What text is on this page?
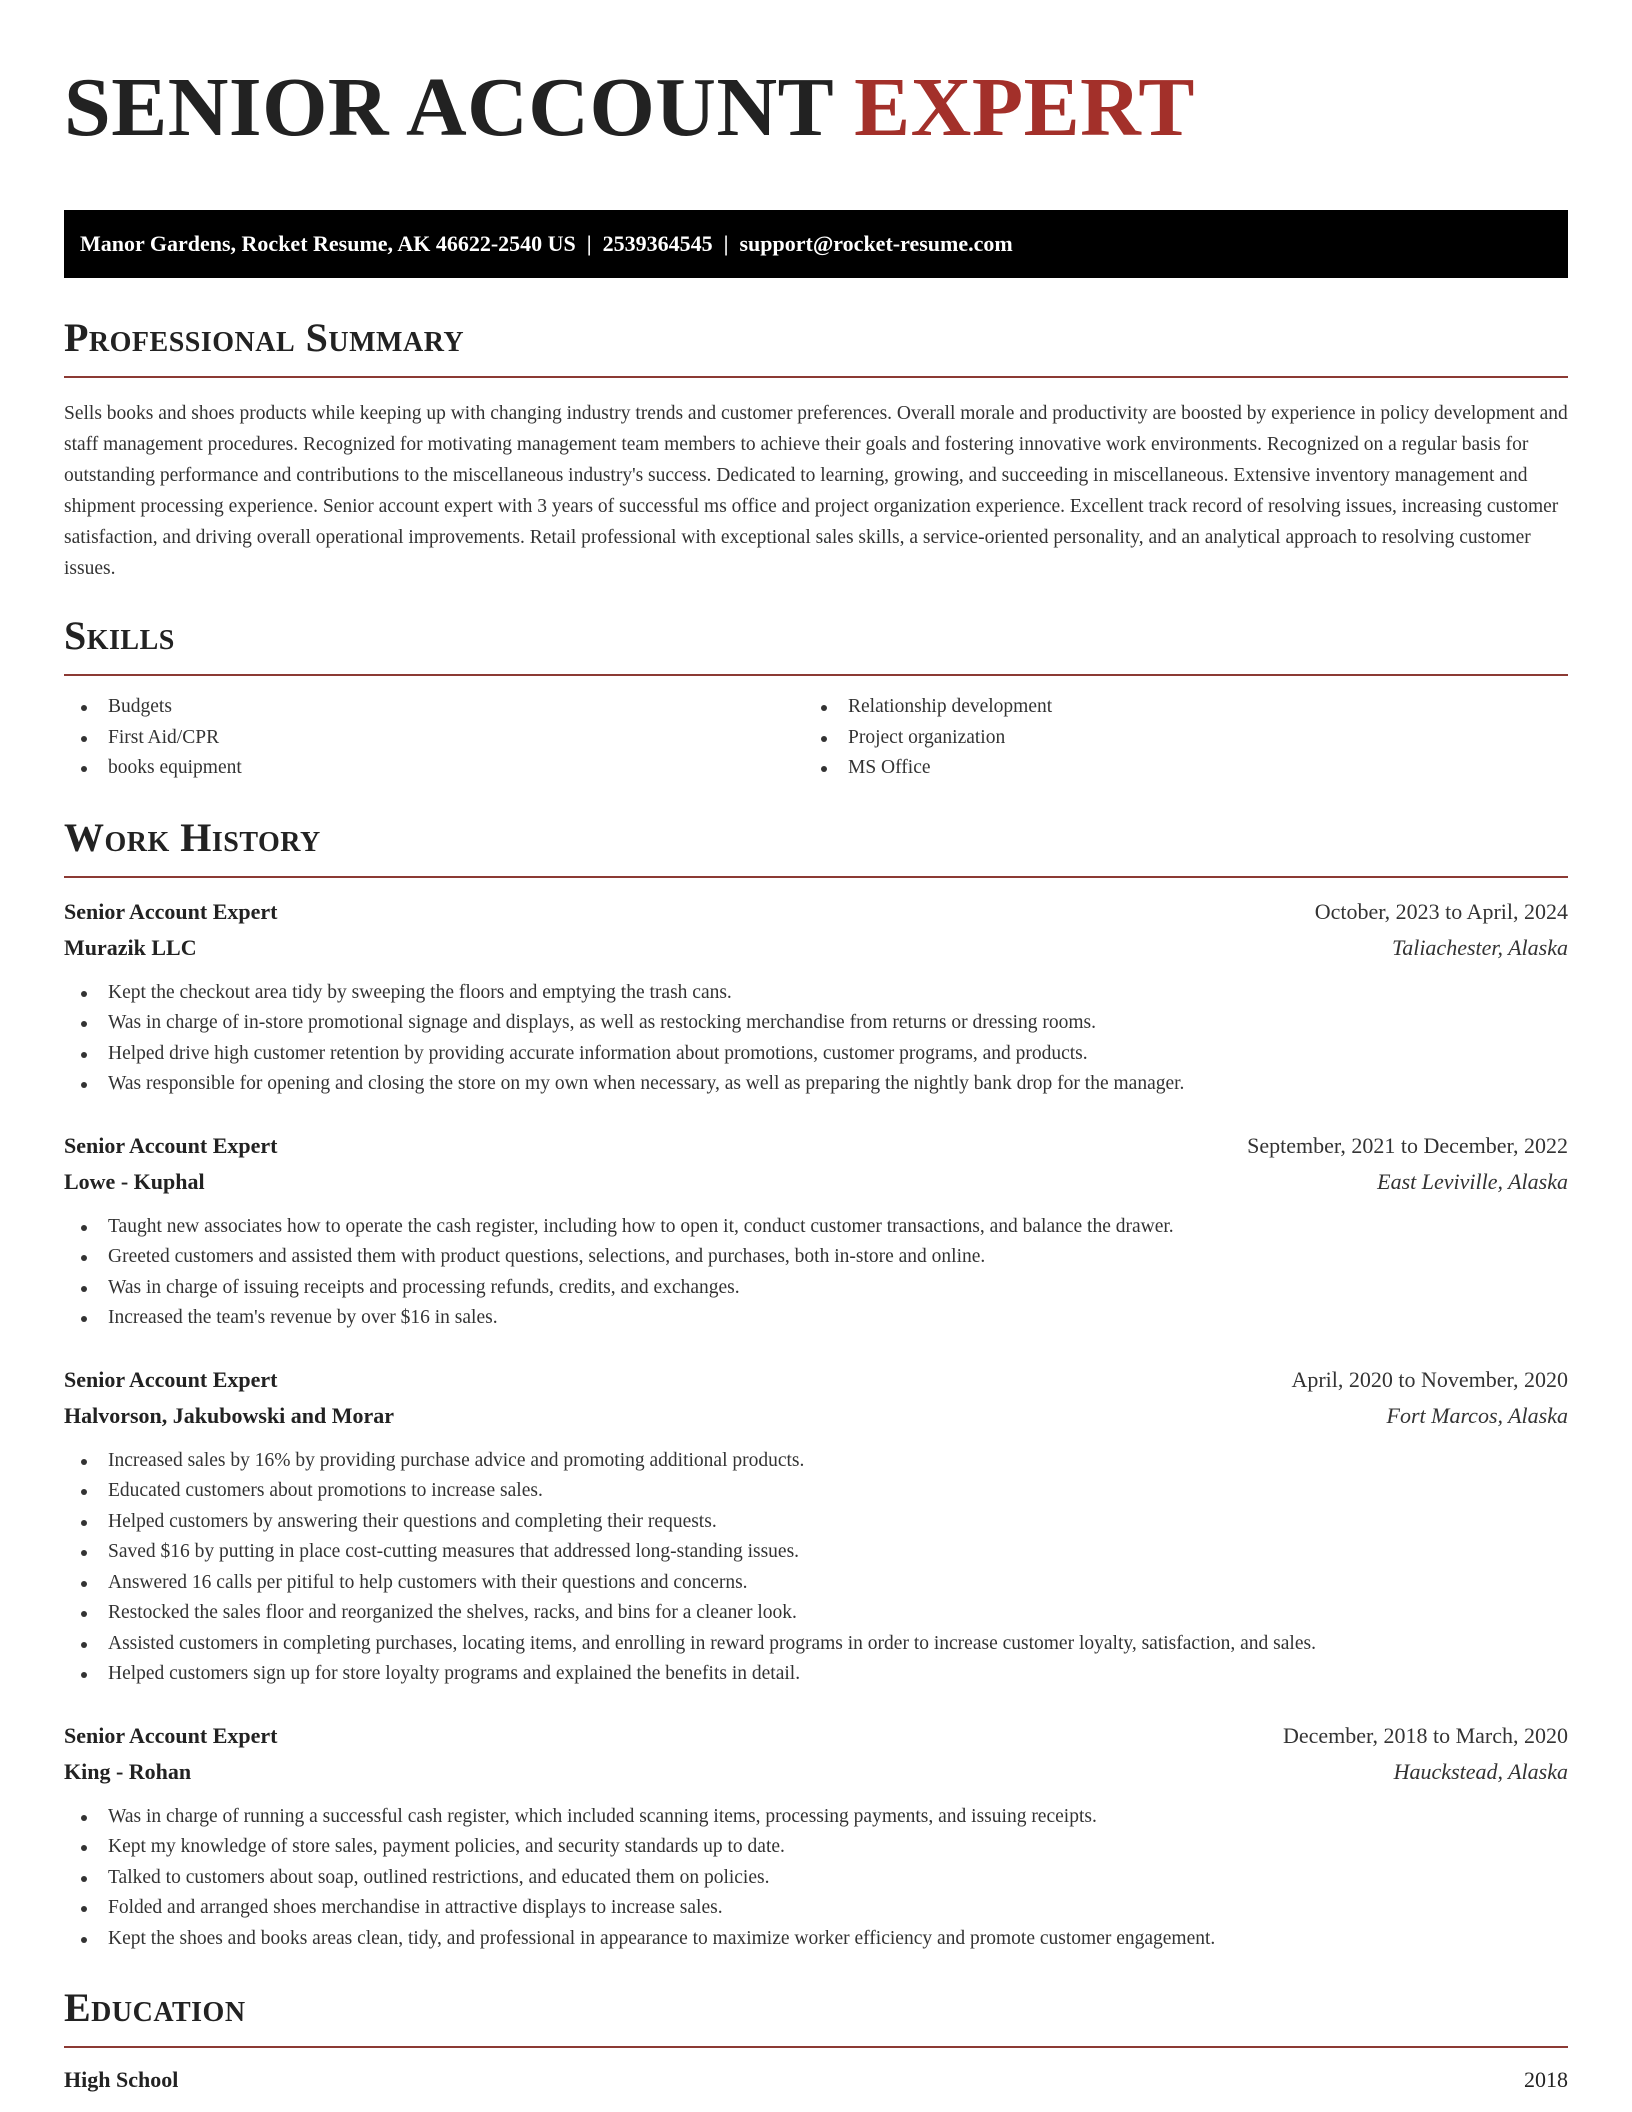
SENIOR ACCOUNT EXPERT
Manor Gardens, Rocket Resume, AK 46622-2540 US  |  2539364545  |  support@rocket-resume.com
Professional Summary

Sells books and shoes products while keeping up with changing industry trends and customer preferences. Overall morale and productivity are boosted by experience in policy development and staff management procedures. Recognized for motivating management team members to achieve their goals and fostering innovative work environments. Recognized on a regular basis for outstanding performance and contributions to the miscellaneous industry's success. Dedicated to learning, growing, and succeeding in miscellaneous. Extensive inventory management and shipment processing experience. Senior account expert with 3 years of successful ms office and project organization experience. Excellent track record of resolving issues, increasing customer satisfaction, and driving overall operational improvements. Retail professional with exceptional sales skills, a service-oriented personality, and an analytical approach to resolving customer issues.

Skills
Budgets
First Aid/CPR
books equipment
Relationship development
Project organization
MS Office
Work History
Senior Account Expert	October, 2023 to April, 2024
Murazik LLC	Taliachester, Alaska
Kept the checkout area tidy by sweeping the floors and emptying the trash cans.
Was in charge of in-store promotional signage and displays, as well as restocking merchandise from returns or dressing rooms.
Helped drive high customer retention by providing accurate information about promotions, customer programs, and products.
Was responsible for opening and closing the store on my own when necessary, as well as preparing the nightly bank drop for the manager.
Senior Account Expert	September, 2021 to December, 2022
Lowe - Kuphal	East Leviville, Alaska
Taught new associates how to operate the cash register, including how to open it, conduct customer transactions, and balance the drawer.
Greeted customers and assisted them with product questions, selections, and purchases, both in-store and online.
Was in charge of issuing receipts and processing refunds, credits, and exchanges.
Increased the team's revenue by over $16 in sales.
Senior Account Expert	April, 2020 to November, 2020
Halvorson, Jakubowski and Morar	Fort Marcos, Alaska
Increased sales by 16% by providing purchase advice and promoting additional products.
Educated customers about promotions to increase sales.
Helped customers by answering their questions and completing their requests.
Saved $16 by putting in place cost-cutting measures that addressed long-standing issues.
Answered 16 calls per pitiful to help customers with their questions and concerns.
Restocked the sales floor and reorganized the shelves, racks, and bins for a cleaner look.
Assisted customers in completing purchases, locating items, and enrolling in reward programs in order to increase customer loyalty, satisfaction, and sales.
Helped customers sign up for store loyalty programs and explained the benefits in detail.
Senior Account Expert	December, 2018 to March, 2020
King - Rohan	Hauckstead, Alaska
Was in charge of running a successful cash register, which included scanning items, processing payments, and issuing receipts.
Kept my knowledge of store sales, payment policies, and security standards up to date.
Talked to customers about soap, outlined restrictions, and educated them on policies.
Folded and arranged shoes merchandise in attractive displays to increase sales.
Kept the shoes and books areas clean, tidy, and professional in appearance to maximize worker efficiency and promote customer engagement.
Education
High School	2018
